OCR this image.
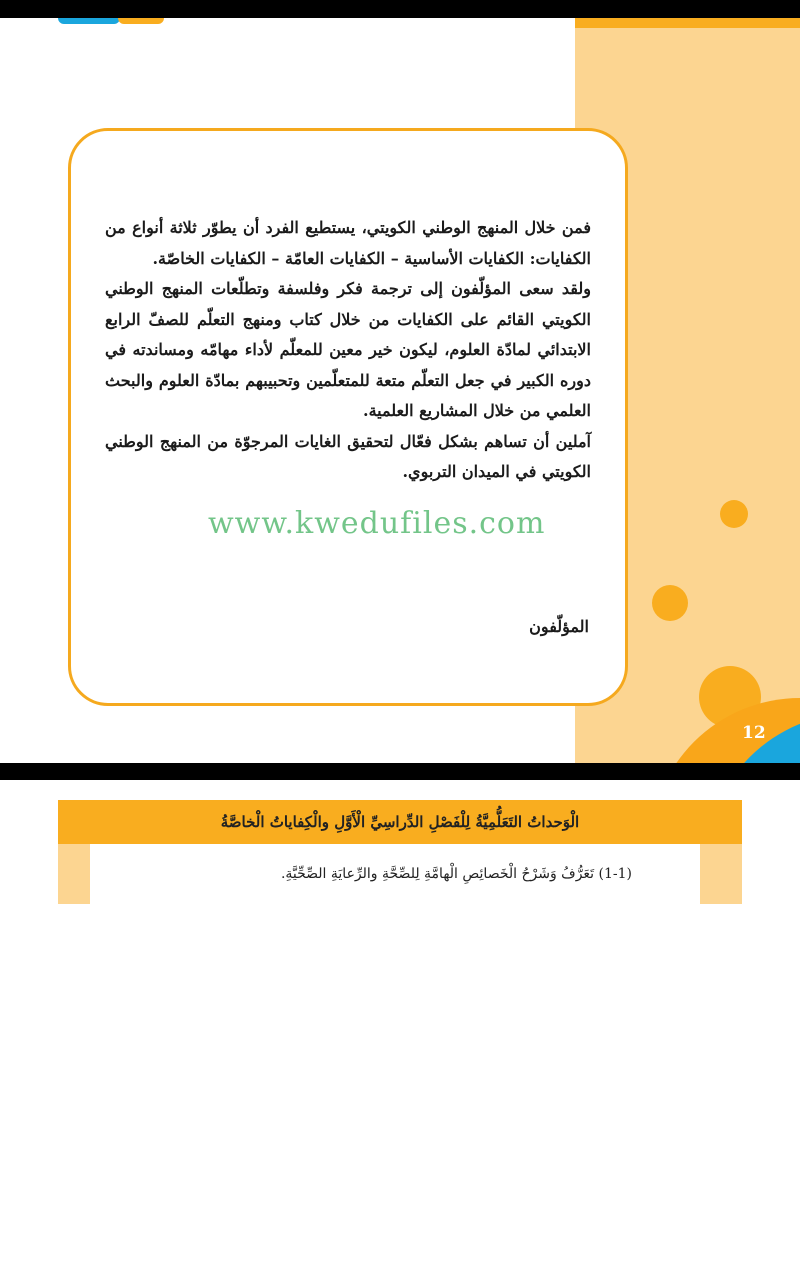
فمن خلال المنهج الوطني الكويتي، يستطيع الفرد أن يطوّر ثلاثة أنواع من الكفايات: الكفايات الأساسية – الكفايات العامّة – الكفايات الخاصّة.

ولقد سعى المؤلّفون إلى ترجمة فكر وفلسفة وتطلّعات المنهج الوطني الكويتي القائم على الكفايات من خلال كتاب ومنهج التعلّم للصفّ الرابع الابتدائي لمادّة العلوم، ليكون خير معين للمعلّم لأداء مهامّه ومساندته في دوره الكبير في جعل التعلّم متعة للمتعلّمين وتحبيبهم بمادّة العلوم والبحث العلمي من خلال المشاريع العلمية.

آملين أن تساهم بشكل فعّال لتحقيق الغايات المرجوّة من المنهج الوطني الكويتي في الميدان التربوي.

المؤلّفون
www.kwedufiles.com
12
الْوَحداتُ التَعَلُّمِيَّةُ لِلْفَصْلِ الدِّراسِيِّ الْأَوَّلِ والْكِفاياتُ الْخاصَّةُ
(1-1) تَعَرُّفُ وَشَرْحُ الْخَصائِصِ الْهامَّةِ لِلصِّحَّةِ والرِّعايَةِ الصِّحِّيَّةِ.
